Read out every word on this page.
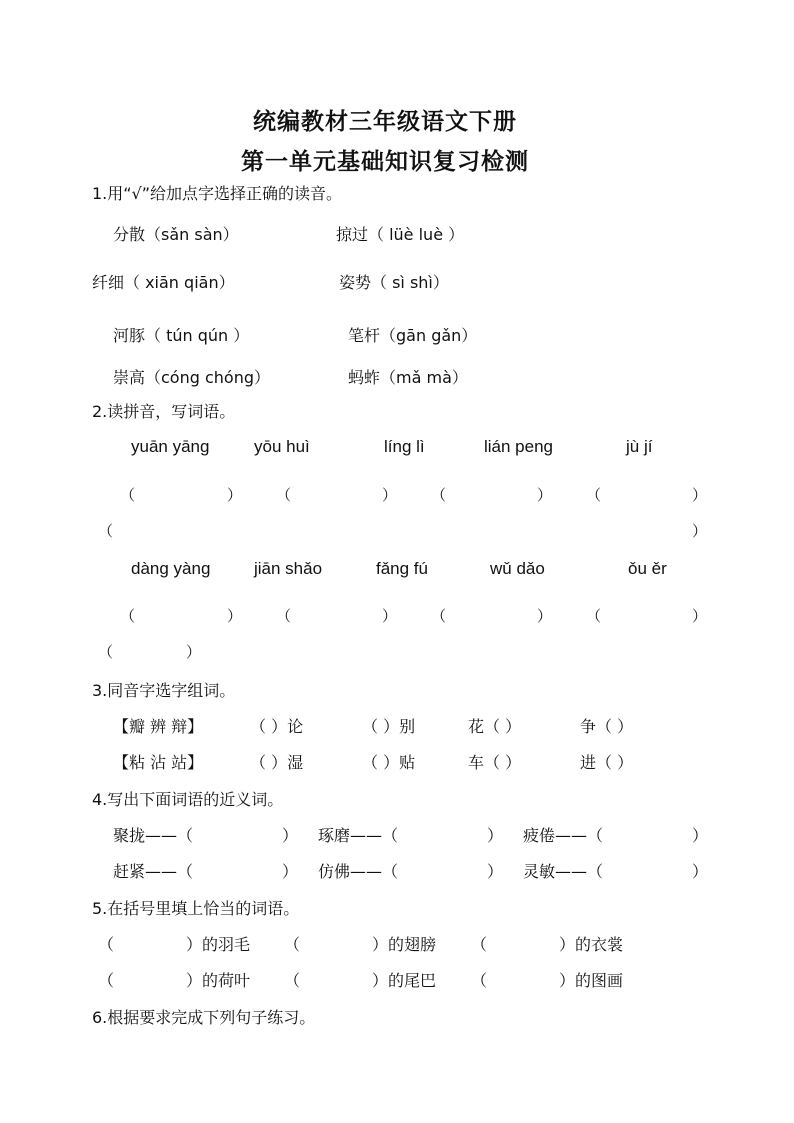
统编教材三年级语文下册
第一单元基础知识复习检测
1.用“√”给加点字选择正确的读音。
分散（sǎn sàn）	掠过（ lüè luè ）
纤细（ xiān qiān）	姿势（ sì shì）
河豚（ tún qún ）	笔杆（gān gǎn）
崇高（cóng chóng）	蚂蚱（mǎ mà）
2.读拼音，写词语。
yuān yāng	yōu huì	líng lì	lián peng	jù jí
（	） （	） （	） （	）
（	）
dàng yàng	jiān shǎo	fǎng fú	wǔ dǎo	ǒu ěr
（	） （	） （	） （	）
（	）
3.同音字选字组词。
【瓣 辨 辩】	（ ）论	（ ）别	花（ ）	争（ ）
【粘 沾 站】	（ ）湿	（ ）贴	车（ ）	进（ ）
4.写出下面词语的近义词。
聚拢——（	） 琢磨——（	） 疲倦——（	）
赶紧——（	） 仿佛——（	） 灵敏——（	）
5.在括号里填上恰当的词语。
（	）的羽毛 （	）的翅膀 （	）的衣裳
（	）的荷叶 （	）的尾巴 （	）的图画
6.根据要求完成下列句子练习。
